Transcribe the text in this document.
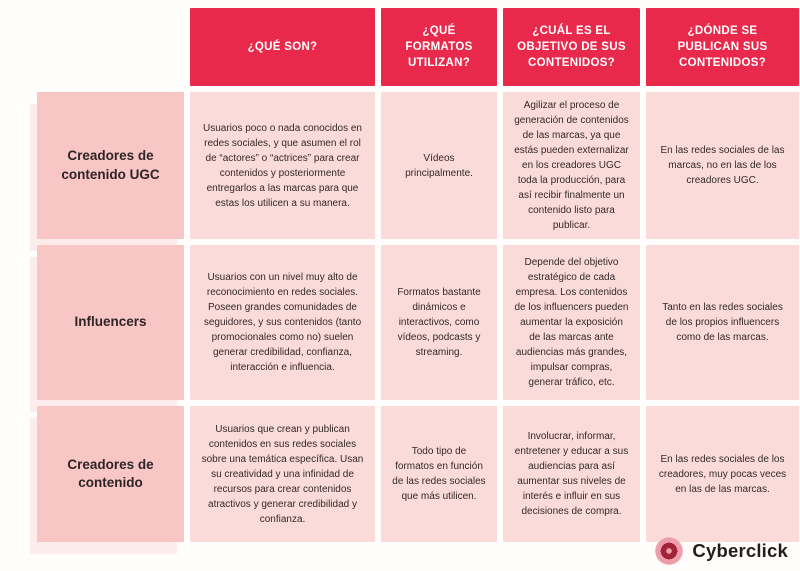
¿QUÉ SON?
¿QUÉ FORMATOS UTILIZAN?
¿CUÁL ES EL OBJETIVO DE SUS CONTENIDOS?
¿DÓNDE SE PUBLICAN SUS CONTENIDOS?
Creadores de contenido UGC
Usuarios poco o nada conocidos en redes sociales, y que asumen el rol de “actores” o “actrices” para crear contenidos y posteriormente entregarlos a las marcas para que estas los utilicen a su manera.
Vídeos principalmente.
Agilizar el proceso de generación de contenidos de las marcas, ya que estás pueden externalizar en los creadores UGC toda la producción, para así recibir finalmente un contenido listo para publicar.
En las redes sociales de las marcas, no en las de los creadores UGC.
Influencers
Usuarios con un nivel muy alto de reconocimiento en redes sociales. Poseen grandes comunidades de seguidores, y sus contenidos (tanto promocionales como no) suelen generar credibilidad, confianza, interacción e influencia.
Formatos bastante dinámicos e interactivos, como vídeos, podcasts y streaming.
Depende del objetivo estratégico de cada empresa. Los contenidos de los influencers pueden aumentar la exposición de las marcas ante audiencias más grandes, impulsar compras, generar tráfico, etc.
Tanto en las redes sociales de los propios influencers como de las marcas.
Creadores de contenido
Usuarios que crean y publican contenidos en sus redes sociales sobre una temática específica. Usan su creatividad y una infinidad de recursos para crear contenidos atractivos y generar credibilidad y confianza.
Todo tipo de formatos en función de las redes sociales que más utilicen.
Involucrar, informar, entretener y educar a sus audiencias para así aumentar sus niveles de interés e influir en sus decisiones de compra.
En las redes sociales de los creadores, muy pocas veces en las de las marcas.
Cyberclick
